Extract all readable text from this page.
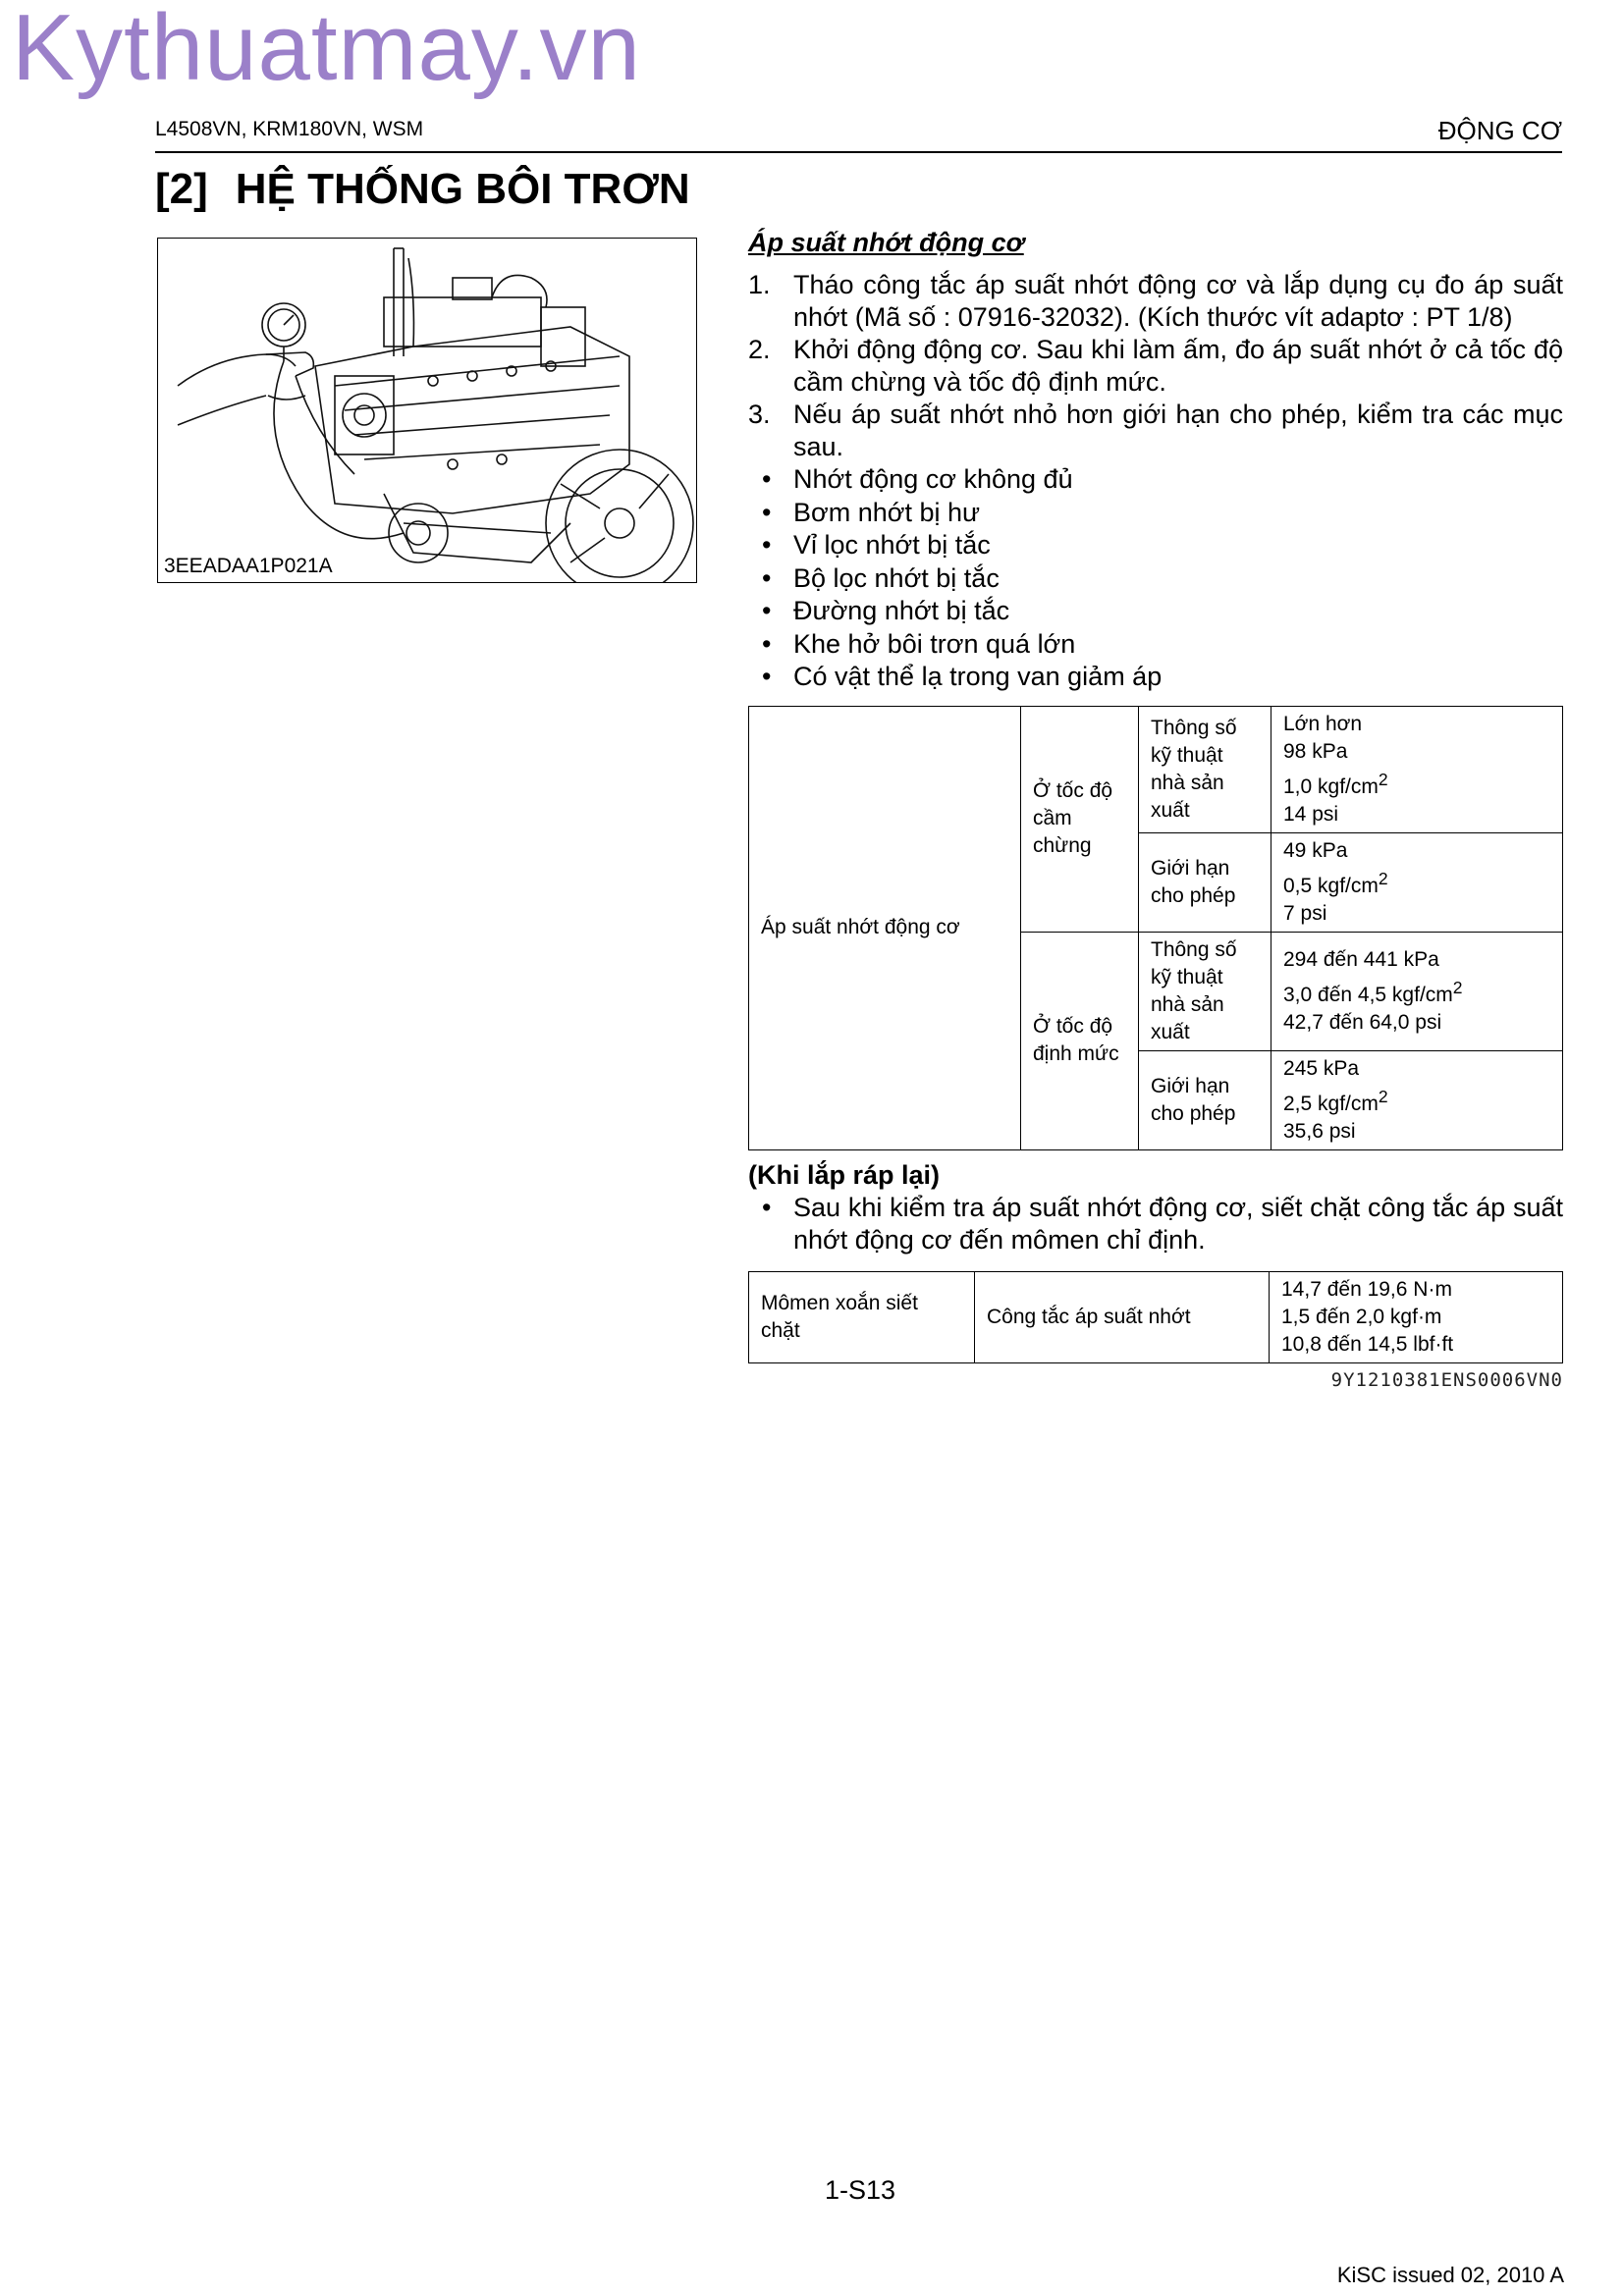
Kythuatmay.vn
L4508VN, KRM180VN, WSM	ĐỘNG CƠ
[2] HỆ THỐNG BÔI TRƠN
3EEADAA1P021A
Áp suất nhớt động cơ
1. Tháo công tắc áp suất nhớt động cơ và lắp dụng cụ đo áp suất nhớt (Mã số : 07916-32032). (Kích thước vít adaptơ : PT 1/8)
2. Khởi động động cơ. Sau khi làm ấm, đo áp suất nhớt ở cả tốc độ cầm chừng và tốc độ định mức.
3. Nếu áp suất nhớt nhỏ hơn giới hạn cho phép, kiểm tra các mục sau.
• Nhớt động cơ không đủ
• Bơm nhớt bị hư
• Vỉ lọc nhớt bị tắc
• Bộ lọc nhớt bị tắc
• Đường nhớt bị tắc
• Khe hở bôi trơn quá lớn
• Có vật thể lạ trong van giảm áp
Áp suất nhớt động cơ	Ở tốc độ cầm chừng	Thông số kỹ thuật nhà sản xuất	Lớn hơn
98 kPa
1,0 kgf/$cm^2$
14 psi

		Giới hạn cho phép	49 kPa
0,5 kgf/$cm^2$
7 psi

	Ở tốc độ định mức	Thông số kỹ thuật nhà sản xuất	294 đến 441 kPa
3,0 đến 4,5 kgf/$cm^2$
42,7 đến 64,0 psi

		Giới hạn cho phép	245 kPa
2,5 kgf/$cm^2$
35,6 psi
(Khi lắp ráp lại)
• Sau khi kiểm tra áp suất nhớt động cơ, siết chặt công tắc áp suất nhớt động cơ đến mômen chỉ định.
Mômen xoắn siết chặt	Công tắc áp suất nhớt	
14,7 đến 19,6 N·m
1,5 đến 2,0 kgf·m
10,8 đến 14,5 lbf·ft
9Y1210381ENS0006VN0
1-S13
KiSC issued 02, 2010 A
